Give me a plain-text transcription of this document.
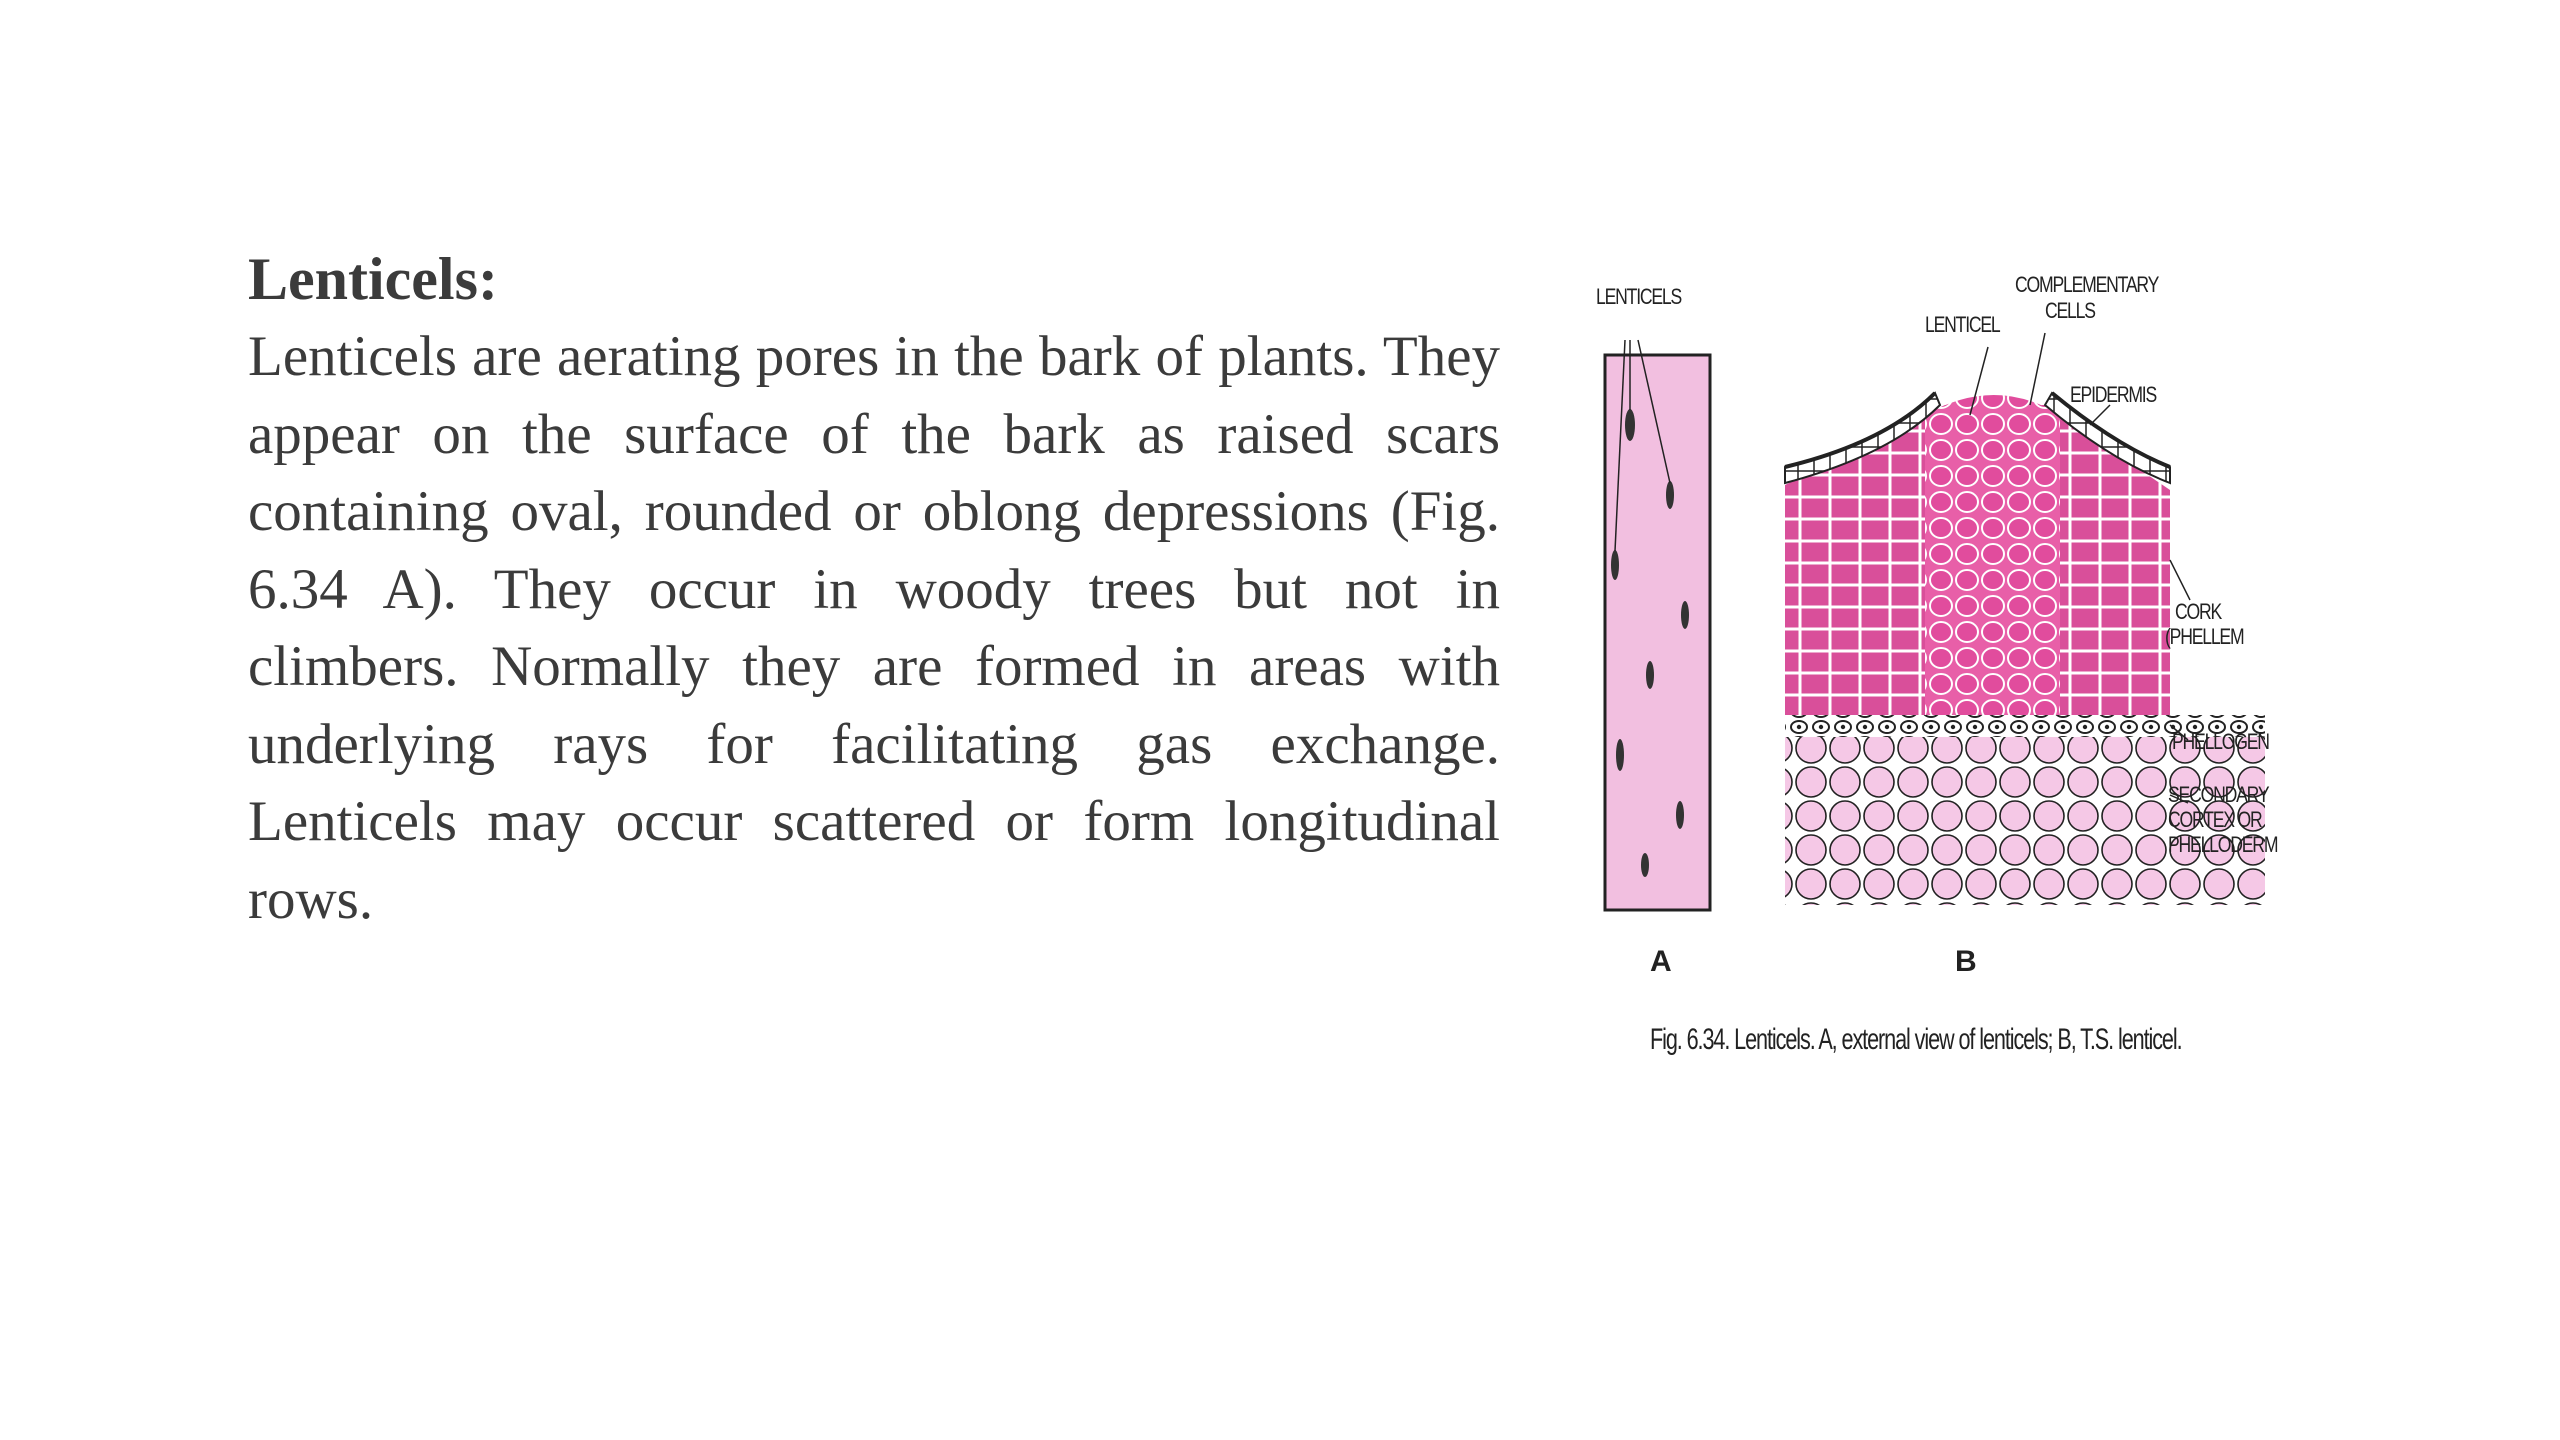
Lenticels:

Lenticels are aerating pores in the bark of plants. They appear on the surface of the bark as raised scars containing oval, rounded or oblong depressions (Fig. 6.34 A). They occur in woody trees but not in climbers. Normally they are formed in areas with underlying rays for facilitating gas exchange. Lenticels may occur scattered or form longitudinal rows.

LENTICELS
LENTICEL
COMPLEMENTARY
CELLS
EPIDERMIS
CORK
(PHELLEM
PHELLOGEN
SECONDARY
CORTEX OR
PHELLODERM
A	B
Fig. 6.34. Lenticels. A, external view of lenticels; B, T.S. lenticel.
